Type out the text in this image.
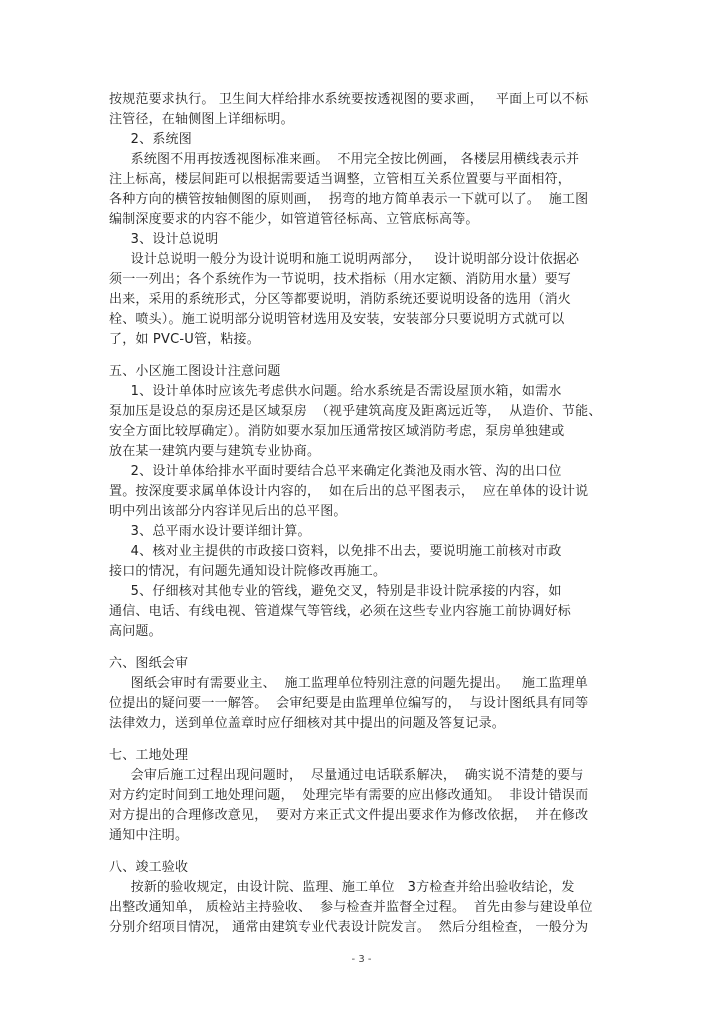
按规范要求执行。 卫生间大样给排水系统要按透视图的要求画，   平面上可以不标
注管径，在轴侧图上详细标明。
2、系统图
系统图不用再按透视图标准来画。  不用完全按比例画， 各楼层用横线表示并
注上标高，楼层间距可以根据需要适当调整，立管相互关系位置要与平面相符，
各种方向的横管按轴侧图的原则画，  拐弯的地方简单表示一下就可以了。  施工图
编制深度要求的内容不能少，如管道管径标高、立管底标高等。
3、设计总说明
设计总说明一般分为设计说明和施工说明两部分，   设计说明部分设计依据必
须一一列出；各个系统作为一节说明，技术指标（用水定额、消防用水量）要写
出来，采用的系统形式，分区等都要说明，消防系统还要说明设备的选用（消火
栓、喷头）。施工说明部分说明管材选用及安装，安装部分只要说明方式就可以
了，如 PVC-U管，粘接。
五、小区施工图设计注意问题
1、设计单体时应该先考虑供水问题。给水系统是否需设屋顶水箱，如需水
泵加压是设总的泵房还是区域泵房  （视乎建筑高度及距离远近等，  从造价、节能、
安全方面比较厚确定）。消防如要水泵加压通常按区域消防考虑，泵房单独建或
放在某一建筑内要与建筑专业协商。
2、设计单体给排水平面时要结合总平来确定化粪池及雨水管、沟的出口位
置。按深度要求属单体设计内容的，  如在后出的总平图表示，  应在单体的设计说
明中列出该部分内容详见后出的总平图。
3、总平雨水设计要详细计算。
4、核对业主提供的市政接口资料，以免排不出去，要说明施工前核对市政
接口的情况，有问题先通知设计院修改再施工。
5、仔细核对其他专业的管线，避免交叉，特别是非设计院承接的内容，如
通信、电话、有线电视、管道煤气等管线，必须在这些专业内容施工前协调好标
高问题。
六、图纸会审
图纸会审时有需要业主、  施工监理单位特别注意的问题先提出。   施工监理单
位提出的疑问要一一解答。  会审纪要是由监理单位编写的，  与设计图纸具有同等
法律效力，送到单位盖章时应仔细核对其中提出的问题及答复记录。
七、工地处理
会审后施工过程出现问题时，  尽量通过电话联系解决，  确实说不清楚的要与
对方约定时间到工地处理问题，  处理完毕有需要的应出修改通知。  非设计错误而
对方提出的合理修改意见，  要对方来正式文件提出要求作为修改依据，  并在修改
通知中注明。
八、竣工验收
按新的验收规定，由设计院、监理、施工单位   3方检查并给出验收结论，发
出整改通知单， 质检站主持验收、  参与检查并监督全过程。  首先由参与建设单位
分别介绍项目情况， 通常由建筑专业代表设计院发言。  然后分组检查， 一般分为
- 3 -
